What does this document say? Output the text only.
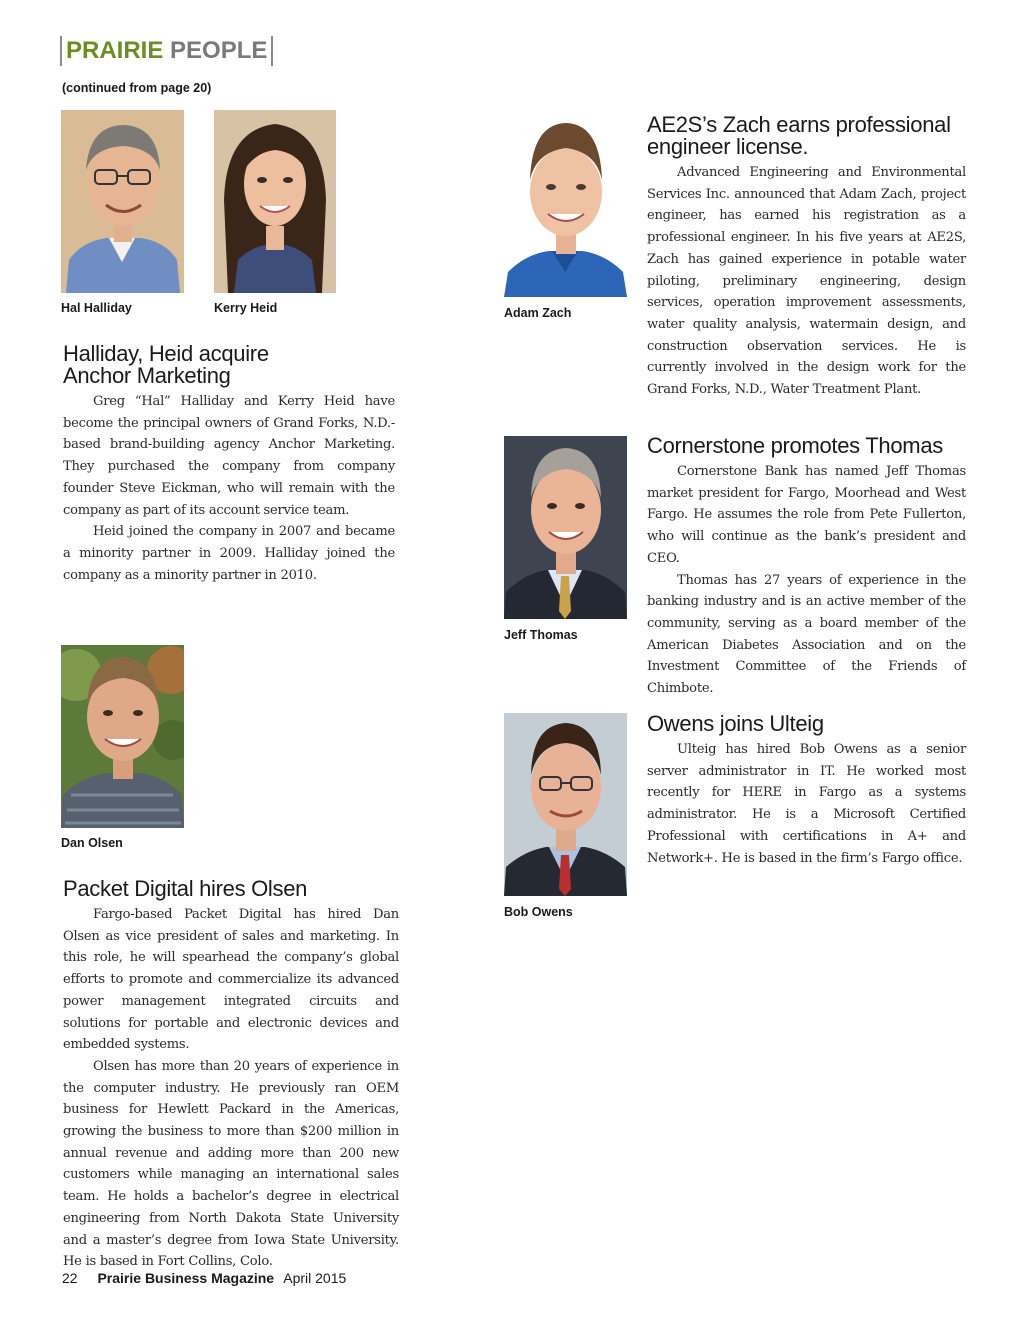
PRAIRIE PEOPLE
(continued from page 20)
Hal Halliday	Kerry Heid	Adam Zach
Dan Olsen
Jeff Thomas
Bob Owens
Halliday, Heid acquire
Anchor Marketing

Greg “Hal” Halliday and Kerry Heid have become the principal owners of Grand Forks, N.D.-based brand-building agency Anchor Marketing. They purchased the company from company founder Steve Eickman, who will remain with the company as part of its account service team.

Heid joined the company in 2007 and became a minority partner in 2009. Halliday joined the company as a minority partner in 2010.

Packet Digital hires Olsen

Fargo-based Packet Digital has hired Dan Olsen as vice president of sales and marketing. In this role, he will spearhead the company’s global efforts to promote and commercialize its advanced power management integrated circuits and solutions for portable and electronic devices and embedded systems.

Olsen has more than 20 years of experience in the computer industry. He previously ran OEM business for Hewlett Packard in the Americas, growing the business to more than $200 million in annual revenue and adding more than 200 new customers while managing an international sales team. He holds a bachelor’s degree in electrical engineering from North Dakota State University and a master’s degree from Iowa State University. He is based in Fort Collins, Colo.

AE2S’s Zach earns professional
engineer license.

Advanced Engineering and Environmental Services Inc. announced that Adam Zach, project engineer, has earned his registration as a professional engineer. In his five years at AE2S, Zach has gained experience in potable water piloting, preliminary engineering, design services, operation improvement assessments, water quality analysis, watermain design, and construction observation services. He is currently involved in the design work for the Grand Forks, N.D., Water Treatment Plant.

Cornerstone promotes Thomas

Cornerstone Bank has named Jeff Thomas market president for Fargo, Moorhead and West Fargo. He assumes the role from Pete Fullerton, who will continue as the bank’s president and CEO.

Thomas has 27 years of experience in the banking industry and is an active member of the community, serving as a board member of the American Diabetes Association and on the Investment Committee of the Friends of Chimbote.

Owens joins Ulteig

Ulteig has hired Bob Owens as a senior server administrator in IT. He worked most recently for HERE in Fargo as a systems administrator. He is a Microsoft Certified Professional with certifications in A+ and Network+. He is based in the firm’s Fargo office.

22 Prairie Business Magazine April 2015
